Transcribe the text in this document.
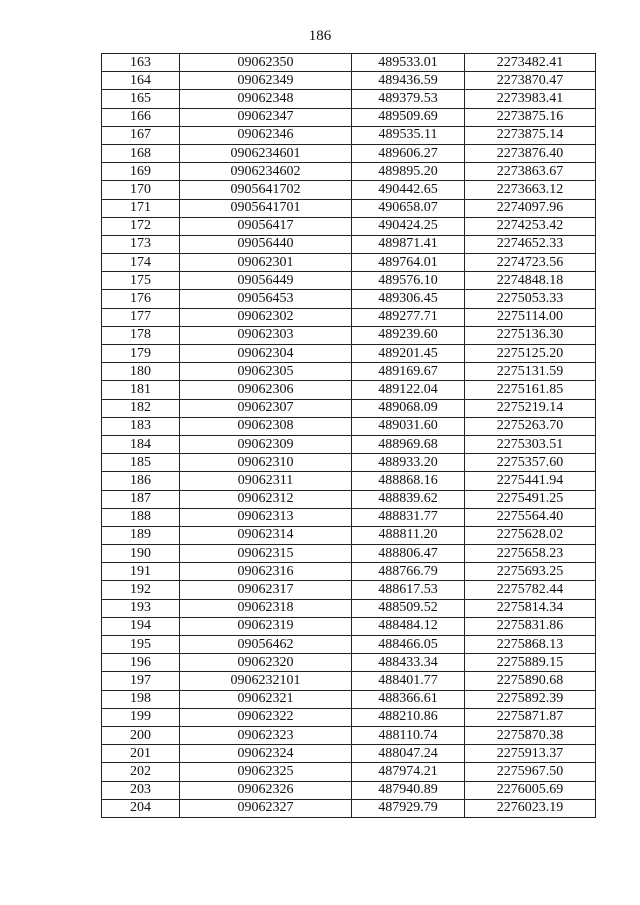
186
163	09062350	489533.01	2273482.41
164	09062349	489436.59	2273870.47
165	09062348	489379.53	2273983.41
166	09062347	489509.69	2273875.16
167	09062346	489535.11	2273875.14
168	0906234601	489606.27	2273876.40
169	0906234602	489895.20	2273863.67
170	0905641702	490442.65	2273663.12
171	0905641701	490658.07	2274097.96
172	09056417	490424.25	2274253.42
173	09056440	489871.41	2274652.33
174	09062301	489764.01	2274723.56
175	09056449	489576.10	2274848.18
176	09056453	489306.45	2275053.33
177	09062302	489277.71	2275114.00
178	09062303	489239.60	2275136.30
179	09062304	489201.45	2275125.20
180	09062305	489169.67	2275131.59
181	09062306	489122.04	2275161.85
182	09062307	489068.09	2275219.14
183	09062308	489031.60	2275263.70
184	09062309	488969.68	2275303.51
185	09062310	488933.20	2275357.60
186	09062311	488868.16	2275441.94
187	09062312	488839.62	2275491.25
188	09062313	488831.77	2275564.40
189	09062314	488811.20	2275628.02
190	09062315	488806.47	2275658.23
191	09062316	488766.79	2275693.25
192	09062317	488617.53	2275782.44
193	09062318	488509.52	2275814.34
194	09062319	488484.12	2275831.86
195	09056462	488466.05	2275868.13
196	09062320	488433.34	2275889.15
197	0906232101	488401.77	2275890.68
198	09062321	488366.61	2275892.39
199	09062322	488210.86	2275871.87
200	09062323	488110.74	2275870.38
201	09062324	488047.24	2275913.37
202	09062325	487974.21	2275967.50
203	09062326	487940.89	2276005.69
204	09062327	487929.79	2276023.19
